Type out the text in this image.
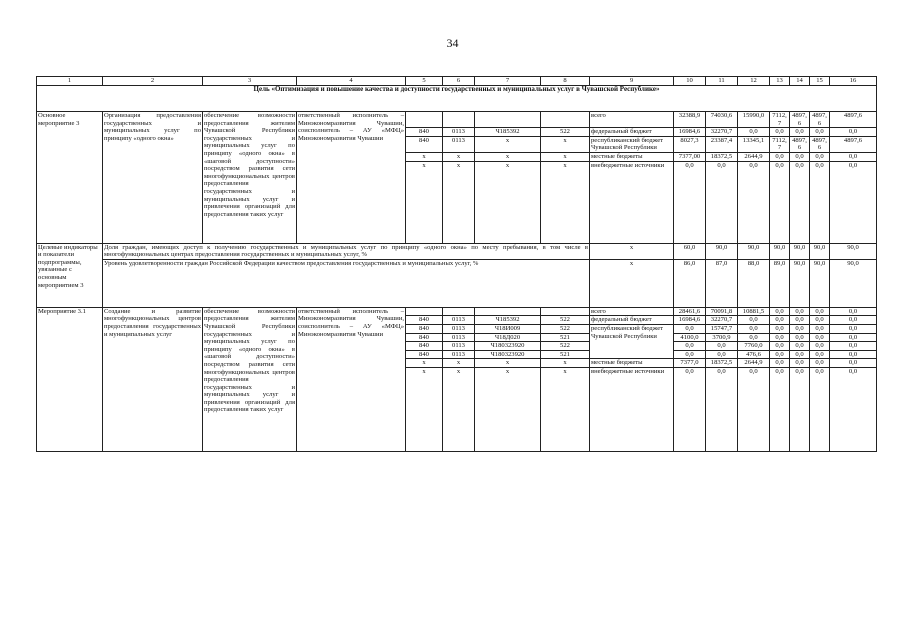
34
1	2	3	4	5	6	7	8	9	10	11	12	13	14	15	16
Цель «Оптимизация и повышение качества и доступности государственных и муниципальных услуг в Чувашской Республике»															
Основное мероприятие 3	Организация предоставления государственных и муниципальных услуг по принципу «одного окна»	обеспечение возможности предоставления жителям Чувашской Республики государственных и муниципальных услуг по принципу «одного окна» в «шаговой доступности» посредством развития сети многофункциональных центров предоставления государственных и муниципальных услуг и привлечения организаций для предоставления таких услуг	ответственный исполнитель – Минэкономразвития Чувашии, соисполнитель – АУ «МФЦ» Минэкономразвития Чувашии					всего	32388,9	74030,6	15990,0	7112,7	4897,6	4897,6	4897,6
				840	0113	Ч185392	522	федеральный бюджет	16984,6	32270,7	0,0	0,0	0,0	0,0	0,0
				840	0113	x	x	республиканский бюджет Чувашской Республики	8027,3	23387,4	13345,1	7112,7	4897,6	4897,6	4897,6
				x	x	x	x	местные бюджеты	7377,00	18372,5	2644,9	0,0	0,0	0,0	0,0
				x	x	x	x	внебюджетные источники	0,0	0,0	0,0	0,0	0,0	0,0	0,0
Целевые индикаторы и показатели подпрограммы, увязанные с основным мероприятием 3	Доля граждан, имеющих доступ к получению государственных и муниципальных услуг по принципу «одного окна» по месту пребывания, в том числе в многофункциональных центрах предоставления государственных и муниципальных услуг, %							x	60,0	90,0	90,0	90,0	90,0	90,0	90,0
	Уровень удовлетворенности граждан Российской Федерации качеством предоставления государственных и муниципальных услуг, %							x	86,0	87,0	88,0	89,0	90,0	90,0	90,0
Мероприятие 3.1	Создание и развитие многофункциональных центров предоставления государственных и муниципальных услуг	обеспечение возможности предоставления жителям Чувашской Республики государственных и муниципальных услуг по принципу «одного окна» в «шаговой доступности» посредством развития сети многофункциональных центров предоставления государственных и муниципальных услуг и привлечения организаций для предоставления таких услуг	ответственный исполнитель – Минэкономразвития Чувашии, соисполнитель – АУ «МФЦ» Минэкономразвития Чувашии					всего	28461,6	70091,8	10881,5	0,0	0,0	0,0	0,0
				840	0113	Ч185392	522	федеральный бюджет	16984,6	32270,7	0,0	0,0	0,0	0,0	0,0
				840	0113	Ч18И009	522	республиканский бюджет Чувашской Республики	0,0	15747,7	0,0	0,0	0,0	0,0	0,0
				840	0113	Ч18Д020	521		4100,0	3700,9	0,0	0,0	0,0	0,0	0,0
				840	0113	Ч180323920	522		0,0	0,0	7760,0	0,0	0,0	0,0	0,0
				840	0113	Ч180323920	521		0,0	0,0	476,6	0,0	0,0	0,0	0,0
				x	x	x	x	местные бюджеты	7377,0	18372,5	2644,9	0,0	0,0	0,0	0,0
				x	x	x	x	внебюджетные источники	0,0	0,0	0,0	0,0	0,0	0,0	0,0
